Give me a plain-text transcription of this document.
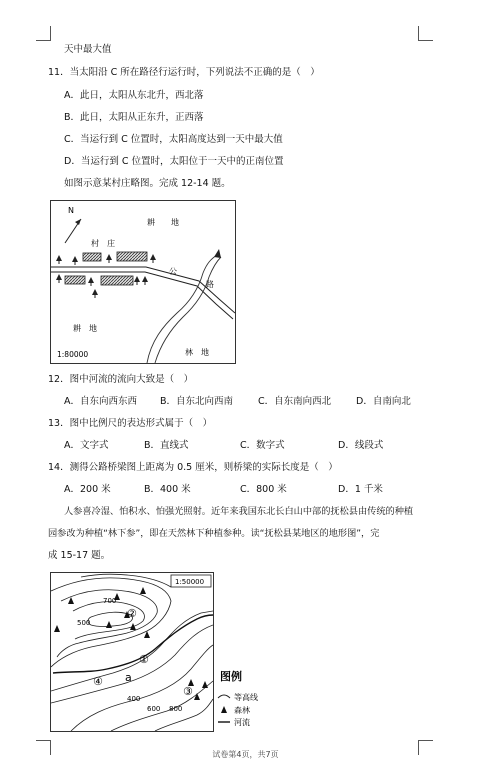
天中最大值
11．当太阳沿 C 所在路径行运行时，下列说法不正确的是（　）
A．此日，太阳从东北升，西北落
B．此日，太阳从正东升，正西落
C．当运行到 C 位置时，太阳高度达到一天中最大值
D．当运行到 C 位置时，太阳位于一天中的正南位置
如图示意某村庄略图。完成 12-14 题。
N
耕　　地
村　庄
公
路
耕　地
林　地
1:80000
12．图中河流的流向大致是（　）
A．自东向西东西 B．自东北向西南	C．自东南向西北	D．自南向北
13．图中比例尺的表达形式属于（　）
A．文字式	B．直线式	C．数字式	D．线段式
14．测得公路桥梁图上距离为 0.5 厘米，则桥梁的实际长度是（　）
A．200 米	B．400 米	C．800 米	D．1 千米
人参喜冷湿、怕积水、怕强光照射。近年来我国东北长白山中部的抚松县由传统的种植
园参改为种植“林下参”，即在天然林下种植参种。读“抚松县某地区的地形图”，完
成 15-17 题。
1:50000
700
500
400
600 800
②
①
③
④ a	图例
等高线
森林
河流
试卷第4页，共7页
